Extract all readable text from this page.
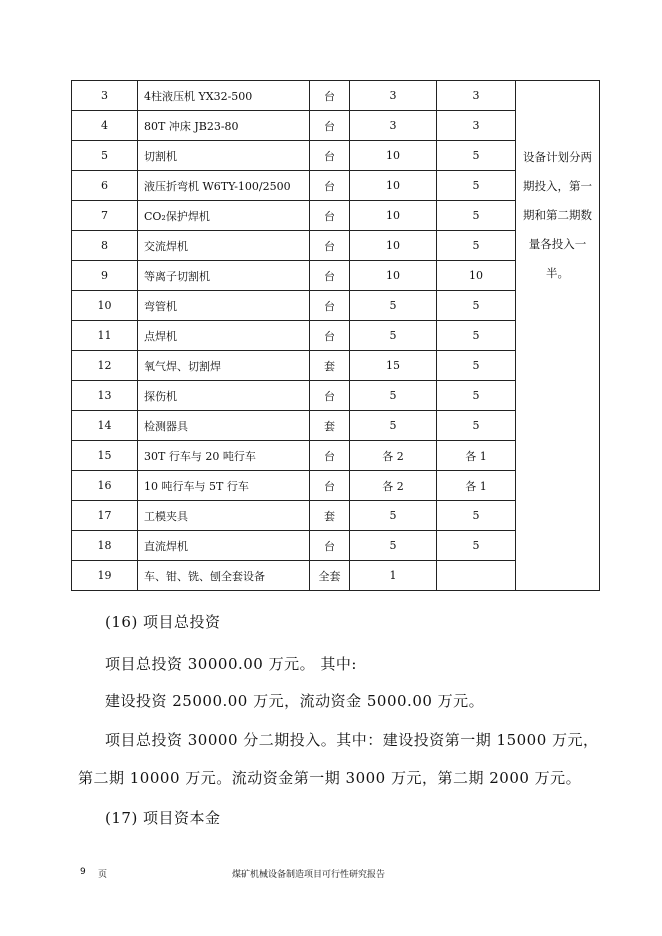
3	4柱液压机 YX32-500	台	3	3	设备计划分两期投入，第一期和第二期数量各投入一半。
4	80T 冲床 JB23-80	台	3	3	
5	切割机	台	10	5	
6	液压折弯机 W6TY-100/2500	台	10	5	
7	CO₂保护焊机	台	10	5	
8	交流焊机	台	10	5	
9	等离子切割机	台	10	10	
10	弯管机	台	5	5	
11	点焊机	台	5	5	
12	氧气焊、切割焊	套	15	5	
13	探伤机	台	5	5	
14	检测器具	套	5	5	
15	30T 行车与 20 吨行车	台	各 2	各 1	
16	10 吨行车与 5T 行车	台	各 2	各 1	
17	工模夹具	套	5	5	
18	直流焊机	台	5	5	
19	车、钳、铣、刨全套设备	全套	1		

(16) 项目总投资

项目总投资 30000.00 万元。 其中:

建设投资 25000.00 万元，流动资金 5000.00 万元。

项目总投资 30000 分二期投入。其中：建设投资第一期 15000 万元，

第二期 10000 万元。流动资金第一期 3000 万元，第二期 2000 万元。

(17) 项目资本金

9 页	煤矿机械设备制造项目可行性研究报告
